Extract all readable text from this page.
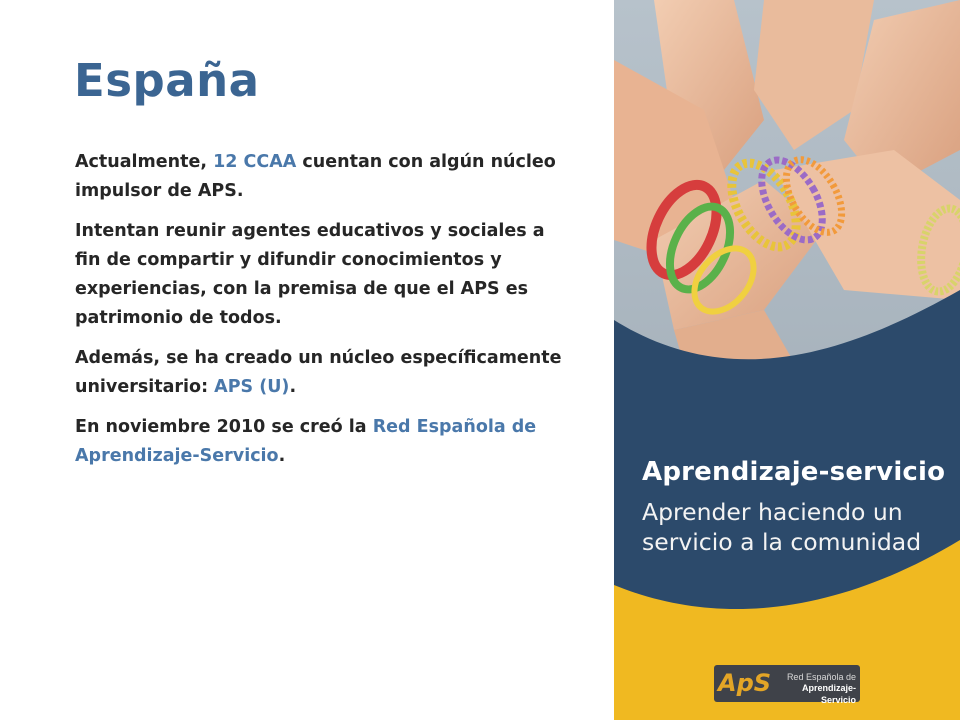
España

Actualmente, 12 CCAA cuentan con algún núcleo impulsor de APS.

Intentan reunir agentes educativos y sociales a fin de compartir y difundir conocimientos y experiencias, con la premisa de que el APS es patrimonio de todos.

Además, se ha creado un núcleo específicamente universitario: APS (U).

En noviembre 2010 se creó la Red Española de Aprendizaje-Servicio.

Aprendizaje-servicio

Aprender haciendo un servicio a la comunidad

ApS	Red Española de
Aprendizaje-Servicio
